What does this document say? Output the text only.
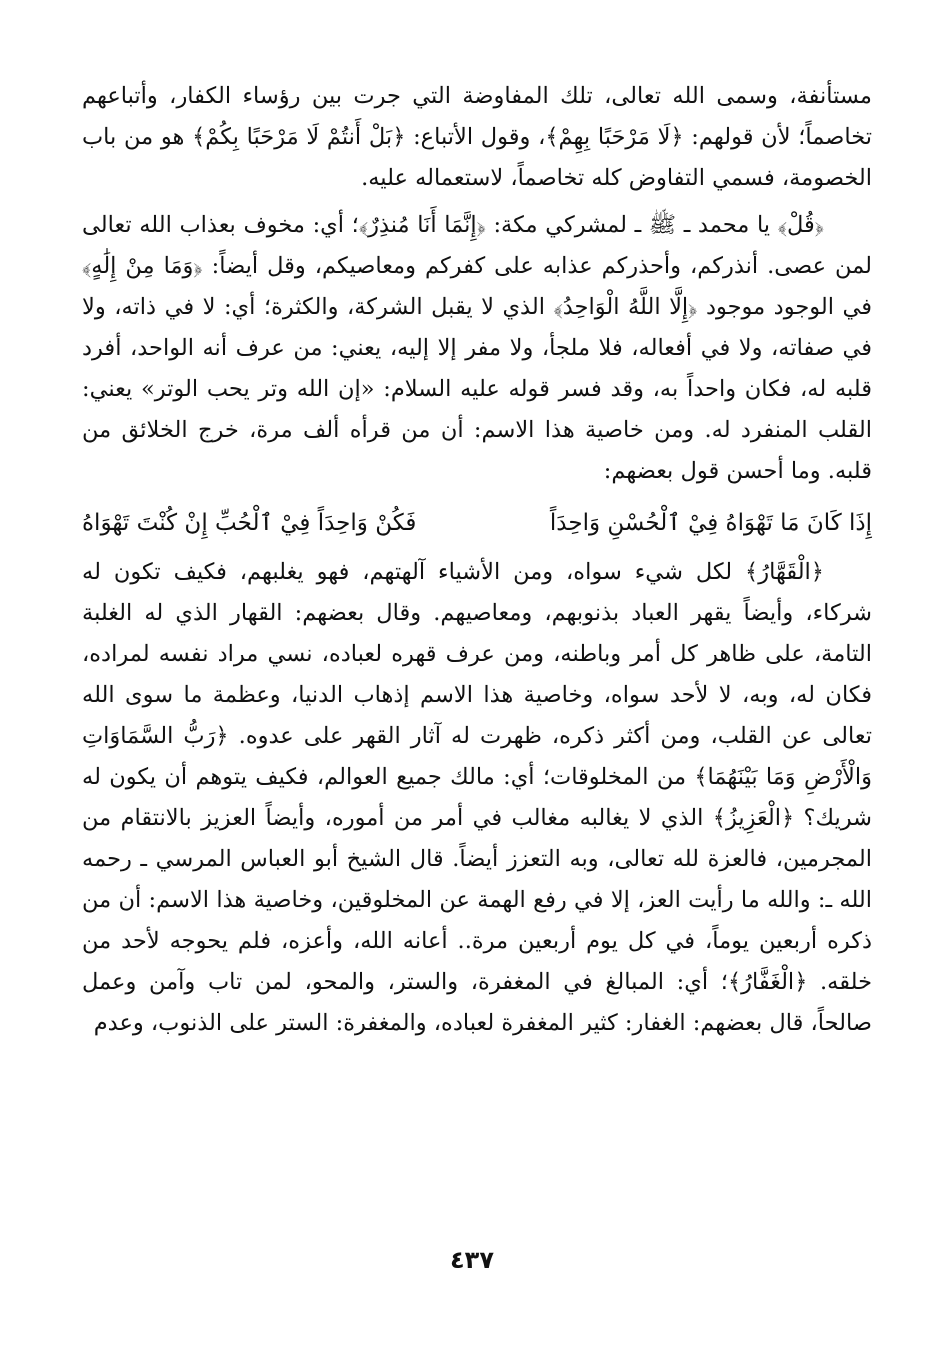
مستأنفة، وسمى الله تعالى، تلك المفاوضة التي جرت بين رؤساء الكفار، وأتباعهم تخاصماً؛ لأن قولهم: ﴿لَا مَرْحَبًا بِهِمْ﴾، وقول الأتباع: ﴿بَلْ أَنتُمْ لَا مَرْحَبًا بِكُمْ﴾ هو من باب الخصومة، فسمي التفاوض كله تخاصماً، لاستعماله عليه.

﴿قُلْ﴾ يا محمد ـ ﷺ ـ لمشركي مكة: ﴿إِنَّمَا أَنَا مُنذِرٌ﴾؛ أي: مخوف بعذاب الله تعالى لمن عصى. أنذركم، وأحذركم عذابه على كفركم ومعاصيكم، وقل أيضاً: ﴿وَمَا مِنْ إِلَٰهٍ﴾ في الوجود موجود ﴿إِلَّا اللَّهُ الْوَاحِدُ﴾ الذي لا يقبل الشركة، والكثرة؛ أي: لا في ذاته، ولا في صفاته، ولا في أفعاله، فلا ملجأ، ولا مفر إلا إليه، يعني: من عرف أنه الواحد، أفرد قلبه له، فكان واحداً به، وقد فسر قوله عليه السلام: «إن الله وتر يحب الوتر» يعني: القلب المنفرد له. ومن خاصية هذا الاسم: أن من قرأه ألف مرة، خرج الخلائق من قلبه. وما أحسن قول بعضهم:

إِذَا كَانَ مَا تَهْوَاهُ فِيْ ٱلْحُسْنِ وَاحِدَاً
فَكُنْ وَاحِدَاً فِيْ ٱلْحُبِّ إِنْ كُنْتَ تَهْوَاهُ

﴿الْقَهَّارُ﴾ لكل شيء سواه، ومن الأشياء آلهتهم، فهو يغلبهم، فكيف تكون له شركاء، وأيضاً يقهر العباد بذنوبهم، ومعاصيهم. وقال بعضهم: القهار الذي له الغلبة التامة، على ظاهر كل أمر وباطنه، ومن عرف قهره لعباده، نسي مراد نفسه لمراده، فكان له، وبه، لا لأحد سواه، وخاصية هذا الاسم إذهاب الدنيا، وعظمة ما سوى الله تعالى عن القلب، ومن أكثر ذكره، ظهرت له آثار القهر على عدوه. ﴿رَبُّ السَّمَاوَاتِ وَالْأَرْضِ وَمَا بَيْنَهُمَا﴾ من المخلوقات؛ أي: مالك جميع العوالم، فكيف يتوهم أن يكون له شريك؟ ﴿الْعَزِيزُ﴾ الذي لا يغالبه مغالب في أمر من أموره، وأيضاً العزيز بالانتقام من المجرمين، فالعزة لله تعالى، وبه التعزز أيضاً. قال الشيخ أبو العباس المرسي ـ رحمه الله ـ: والله ما رأيت العز، إلا في رفع الهمة عن المخلوقين، وخاصية هذا الاسم: أن من ذكره أربعين يوماً، في كل يوم أربعين مرة.. أعانه الله، وأعزه، فلم يحوجه لأحد من خلقه. ﴿الْغَفَّارُ﴾؛ أي: المبالغ في المغفرة، والستر، والمحو، لمن تاب وآمن وعمل صالحاً، قال بعضهم: الغفار: كثير المغفرة لعباده، والمغفرة: الستر على الذنوب، وعدم

٤٣٧
